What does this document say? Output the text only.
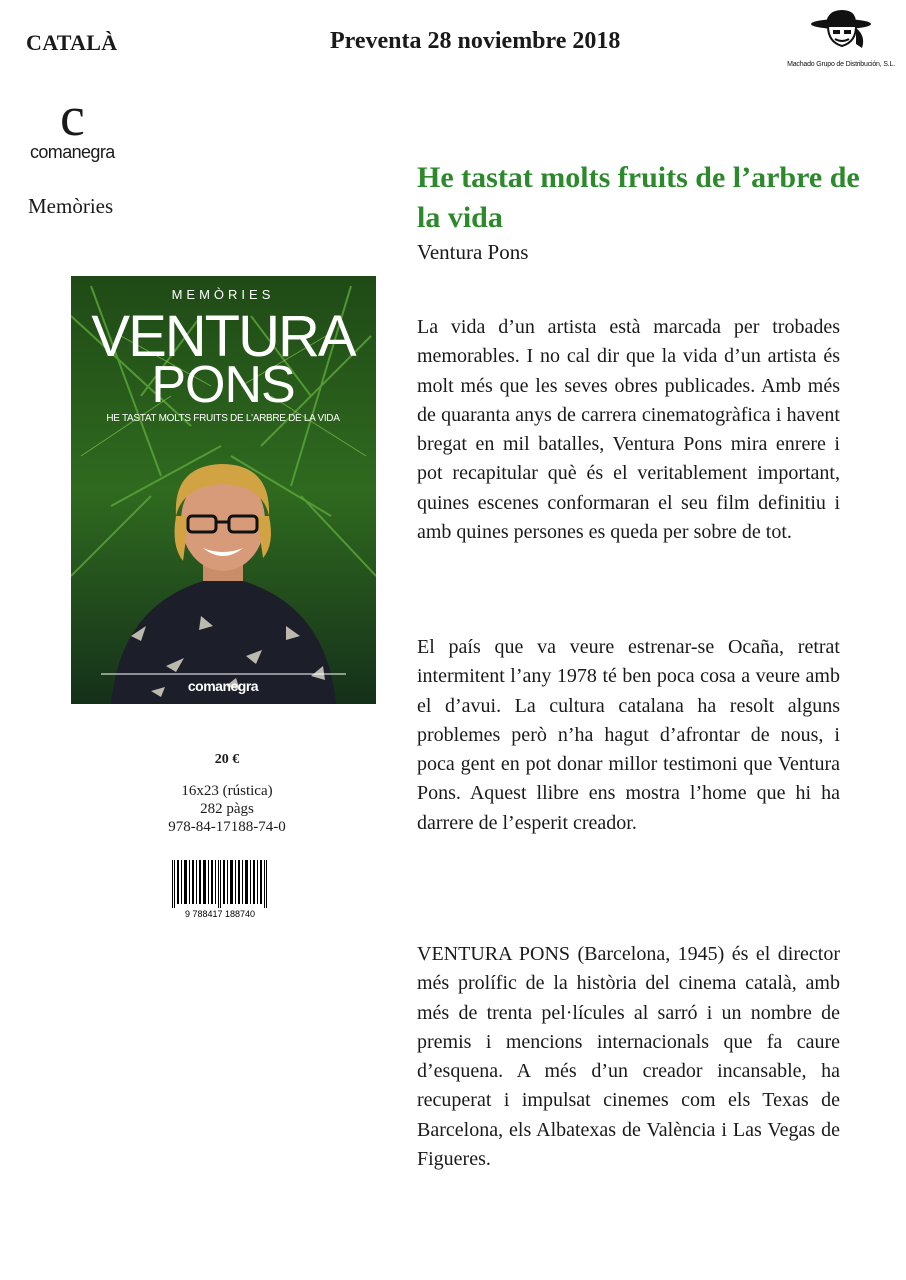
CATALÀ	Preventa 28 noviembre 2018
Machado Grupo de Distribución, S.L.
c
comanegra
Memòries
MEMÒRIES
VENTURA
PONS
HE TASTAT MOLTS FRUITS DE L'ARBRE DE LA VIDA
comanegra
20 €
16x23 (rústica)
282 pàgs
978-84-17188-74-0
9 788417 188740
He tastat molts fruits de l’arbre de la vida
Ventura Pons
La vida d’un artista està marcada per trobades memorables. I no cal dir que la vida d’un artista és molt més que les seves obres publicades. Amb més de quaranta anys de carrera cinematogràfica i havent bregat en mil batalles, Ventura Pons mira enrere i pot recapitular què és el veritablement important, quines escenes conformaran el seu film definitiu i amb quines persones es queda per sobre de tot.
El país que va veure estrenar-se Ocaña, retrat intermitent l’any 1978 té ben poca cosa a veure amb el d’avui. La cultura catalana ha resolt alguns problemes però n’ha hagut d’afrontar de nous, i poca gent en pot donar millor testimoni que Ventura Pons. Aquest llibre ens mostra l’home que hi ha darrere de l’esperit creador.
VENTURA PONS (Barcelona, 1945) és el director més prolífic de la història del cinema català, amb més de trenta pel·lícules al sarró i un nombre de premis i mencions internacionals que fa caure d’esquena. A més d’un creador incansable, ha recuperat i impulsat cinemes com els Texas de Barcelona, els Albatexas de València i Las Vegas de Figueres.
